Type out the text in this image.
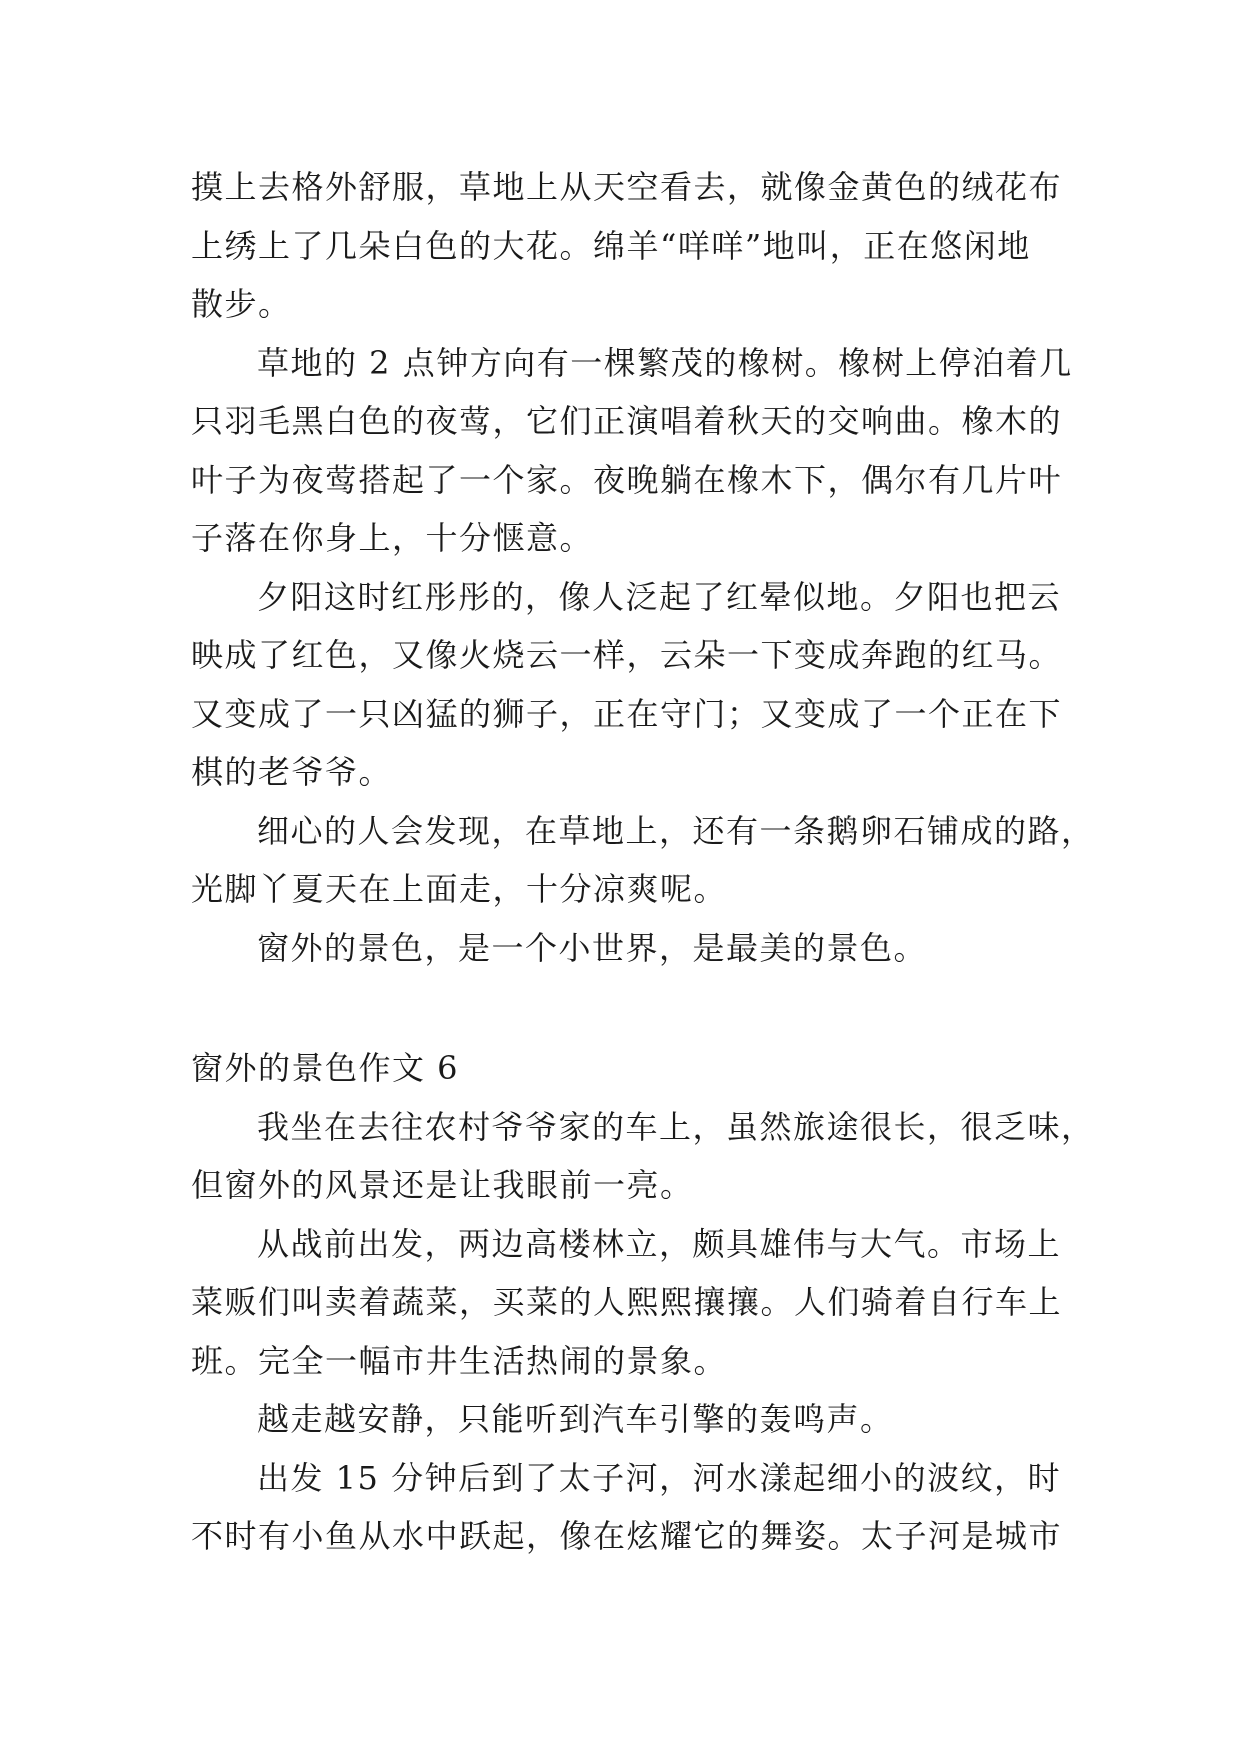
摸上去格外舒服，草地上从天空看去，就像金黄色的绒花布
上绣上了几朵白色的大花。绵羊“咩咩”地叫，正在悠闲地
散步。
草地的 2 点钟方向有一棵繁茂的橡树。橡树上停泊着几
只羽毛黑白色的夜莺，它们正演唱着秋天的交响曲。橡木的
叶子为夜莺搭起了一个家。夜晚躺在橡木下，偶尔有几片叶
子落在你身上，十分惬意。
夕阳这时红彤彤的，像人泛起了红晕似地。夕阳也把云
映成了红色，又像火烧云一样，云朵一下变成奔跑的红马。
又变成了一只凶猛的狮子，正在守门；又变成了一个正在下
棋的老爷爷。
细心的人会发现，在草地上，还有一条鹅卵石铺成的路，
光脚丫夏天在上面走，十分凉爽呢。
窗外的景色，是一个小世界，是最美的景色。
窗外的景色作文 6
我坐在去往农村爷爷家的车上，虽然旅途很长，很乏味，
但窗外的风景还是让我眼前一亮。
从战前出发，两边高楼林立，颇具雄伟与大气。市场上
菜贩们叫卖着蔬菜，买菜的人熙熙攘攘。人们骑着自行车上
班。完全一幅市井生活热闹的景象。
越走越安静，只能听到汽车引擎的轰鸣声。
出发 15 分钟后到了太子河，河水漾起细小的波纹，时
不时有小鱼从水中跃起，像在炫耀它的舞姿。太子河是城市
